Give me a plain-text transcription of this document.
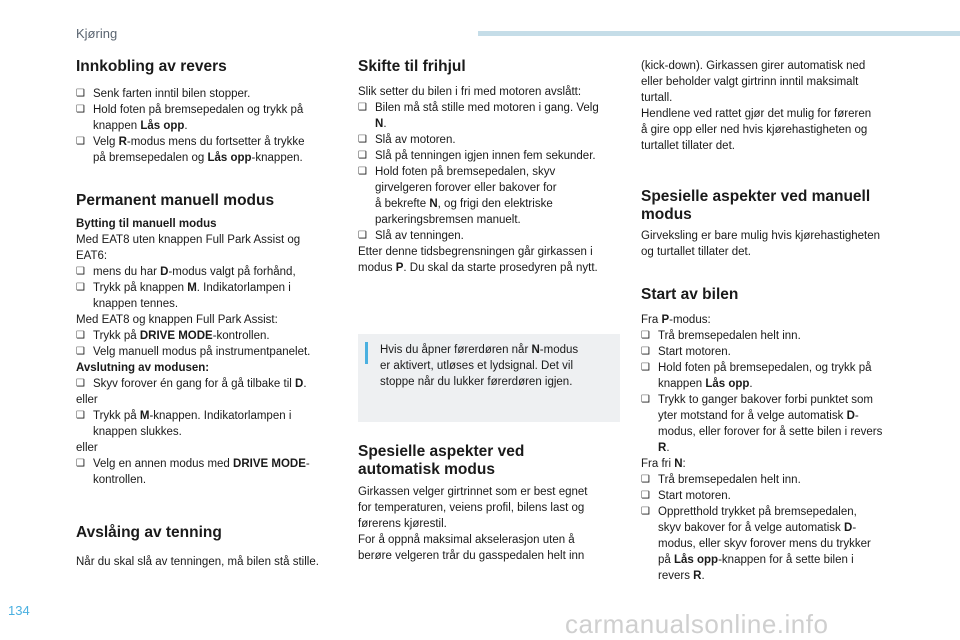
Kjøring
Innkobling av revers
❑ Senk farten inntil bilen stopper.
❑ Hold foten på bremsepedalen og trykk på
knappen Lås opp.
❑ Velg R-modus mens du fortsetter å trykke
på bremsepedalen og Lås opp-knappen.
Permanent manuell modus
Bytting til manuell modus
Med EAT8 uten knappen Full Park Assist og
EAT6:
❑ mens du har D-modus valgt på forhånd,
❑ Trykk på knappen M. Indikatorlampen i
knappen tennes.
Med EAT8 og knappen Full Park Assist:
❑ Trykk på DRIVE MODE-kontrollen.
❑ Velg manuell modus på instrumentpanelet.
Avslutning av modusen:
❑ Skyv forover én gang for å gå tilbake til D.
eller
❑ Trykk på M-knappen. Indikatorlampen i
knappen slukkes.
eller
❑ Velg en annen modus med DRIVE MODE-
kontrollen.
Avslåing av tenning
Når du skal slå av tenningen, må bilen stå stille.
Skifte til frihjul
Slik setter du bilen i fri med motoren avslått:
❑ Bilen må stå stille med motoren i gang. Velg
N.
❑ Slå av motoren.
❑ Slå på tenningen igjen innen fem sekunder.
❑ Hold foten på bremsepedalen, skyv
girvelgeren forover eller bakover for
å bekrefte N, og frigi den elektriske
parkeringsbremsen manuelt.
❑ Slå av tenningen.
Etter denne tidsbegrensningen går girkassen i
modus P. Du skal da starte prosedyren på nytt.
Hvis du åpner førerdøren når N-modus
er aktivert, utløses et lydsignal. Det vil
stoppe når du lukker førerdøren igjen.
Spesielle aspekter ved
automatisk modus
Girkassen velger girtrinnet som er best egnet
for temperaturen, veiens profil, bilens last og
førerens kjørestil.
For å oppnå maksimal akselerasjon uten å
berøre velgeren trår du gasspedalen helt inn
(kick-down). Girkassen girer automatisk ned
eller beholder valgt girtrinn inntil maksimalt
turtall.
Hendlene ved rattet gjør det mulig for føreren
å gire opp eller ned hvis kjørehastigheten og
turtallet tillater det.
Spesielle aspekter ved manuell
modus
Girveksling er bare mulig hvis kjørehastigheten
og turtallet tillater det.
Start av bilen
Fra P-modus:
❑ Trå bremsepedalen helt inn.
❑ Start motoren.
❑ Hold foten på bremsepedalen, og trykk på
knappen Lås opp.
❑ Trykk to ganger bakover forbi punktet som
yter motstand for å velge automatisk D-
modus, eller forover for å sette bilen i revers
R.
Fra fri N:
❑ Trå bremsepedalen helt inn.
❑ Start motoren.
❑ Oppretthold trykket på bremsepedalen,
skyv bakover for å velge automatisk D-
modus, eller skyv forover mens du trykker
på Lås opp-knappen for å sette bilen i
revers R.
134	carmanualsonline.info
